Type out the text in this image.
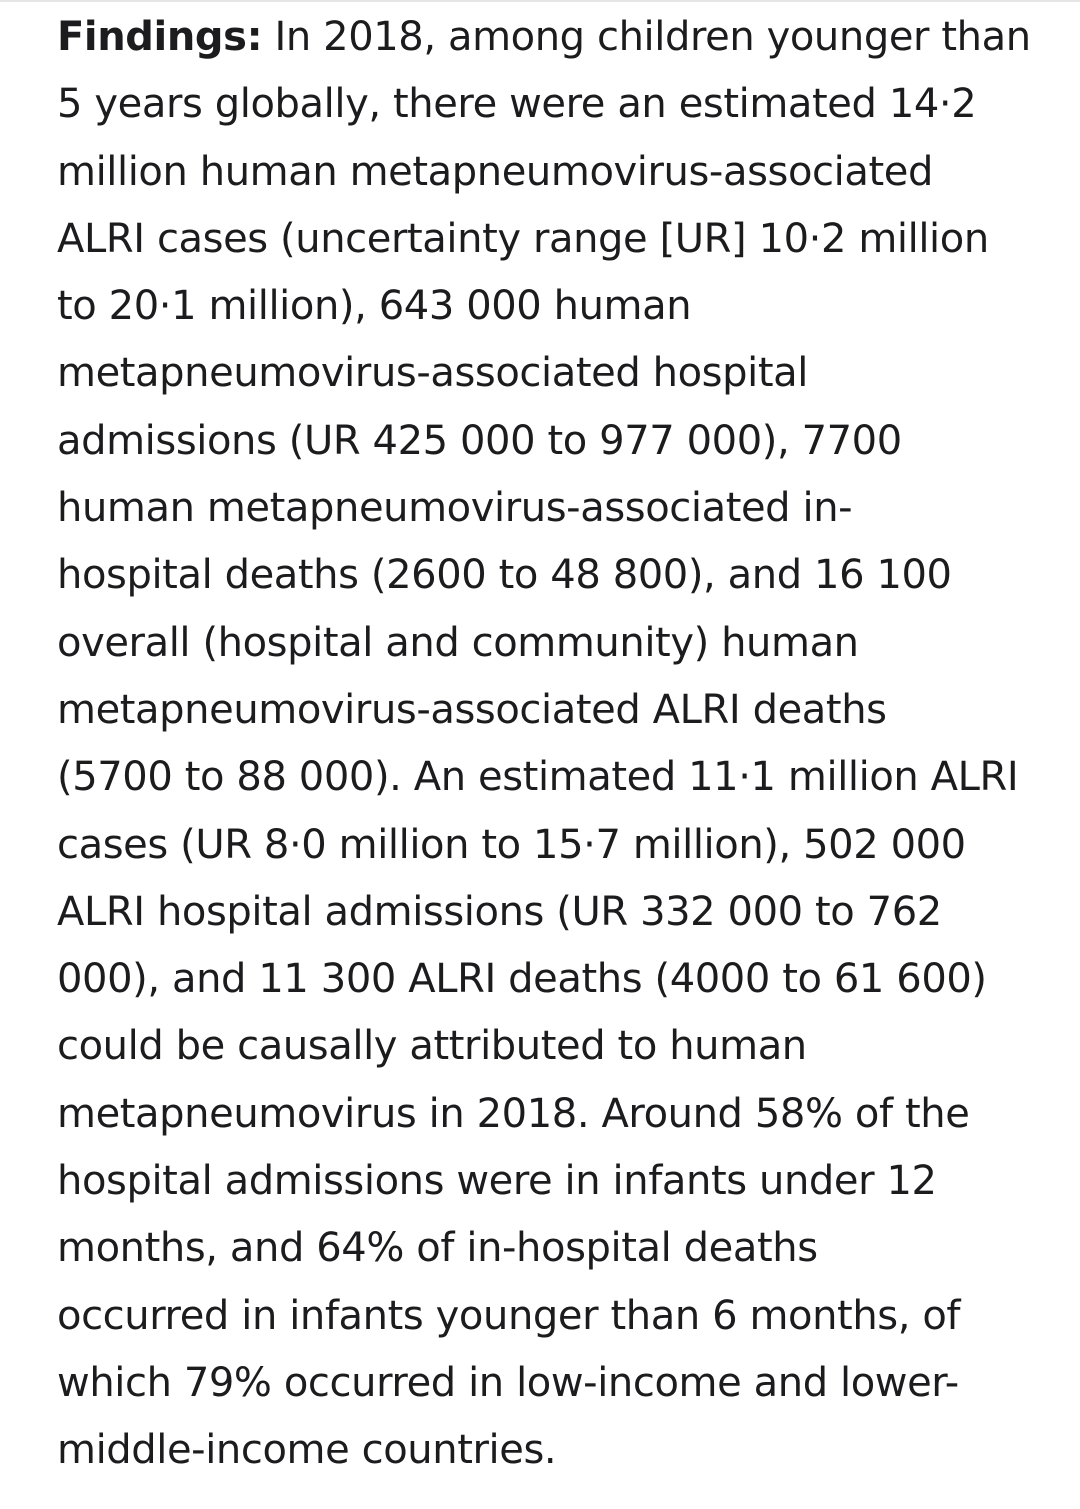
Findings: In 2018, among children younger than
5 years globally, there were an estimated 14·2
million human metapneumovirus-associated
ALRI cases (uncertainty range [UR] 10·2 million
to 20·1 million), 643 000 human
metapneumovirus-associated hospital
admissions (UR 425 000 to 977 000), 7700
human metapneumovirus-associated in-
hospital deaths (2600 to 48 800), and 16 100
overall (hospital and community) human
metapneumovirus-associated ALRI deaths
(5700 to 88 000). An estimated 11·1 million ALRI
cases (UR 8·0 million to 15·7 million), 502 000
ALRI hospital admissions (UR 332 000 to 762
000), and 11 300 ALRI deaths (4000 to 61 600)
could be causally attributed to human
metapneumovirus in 2018. Around 58% of the
hospital admissions were in infants under 12
months, and 64% of in-hospital deaths
occurred in infants younger than 6 months, of
which 79% occurred in low-income and lower-
middle-income countries.
